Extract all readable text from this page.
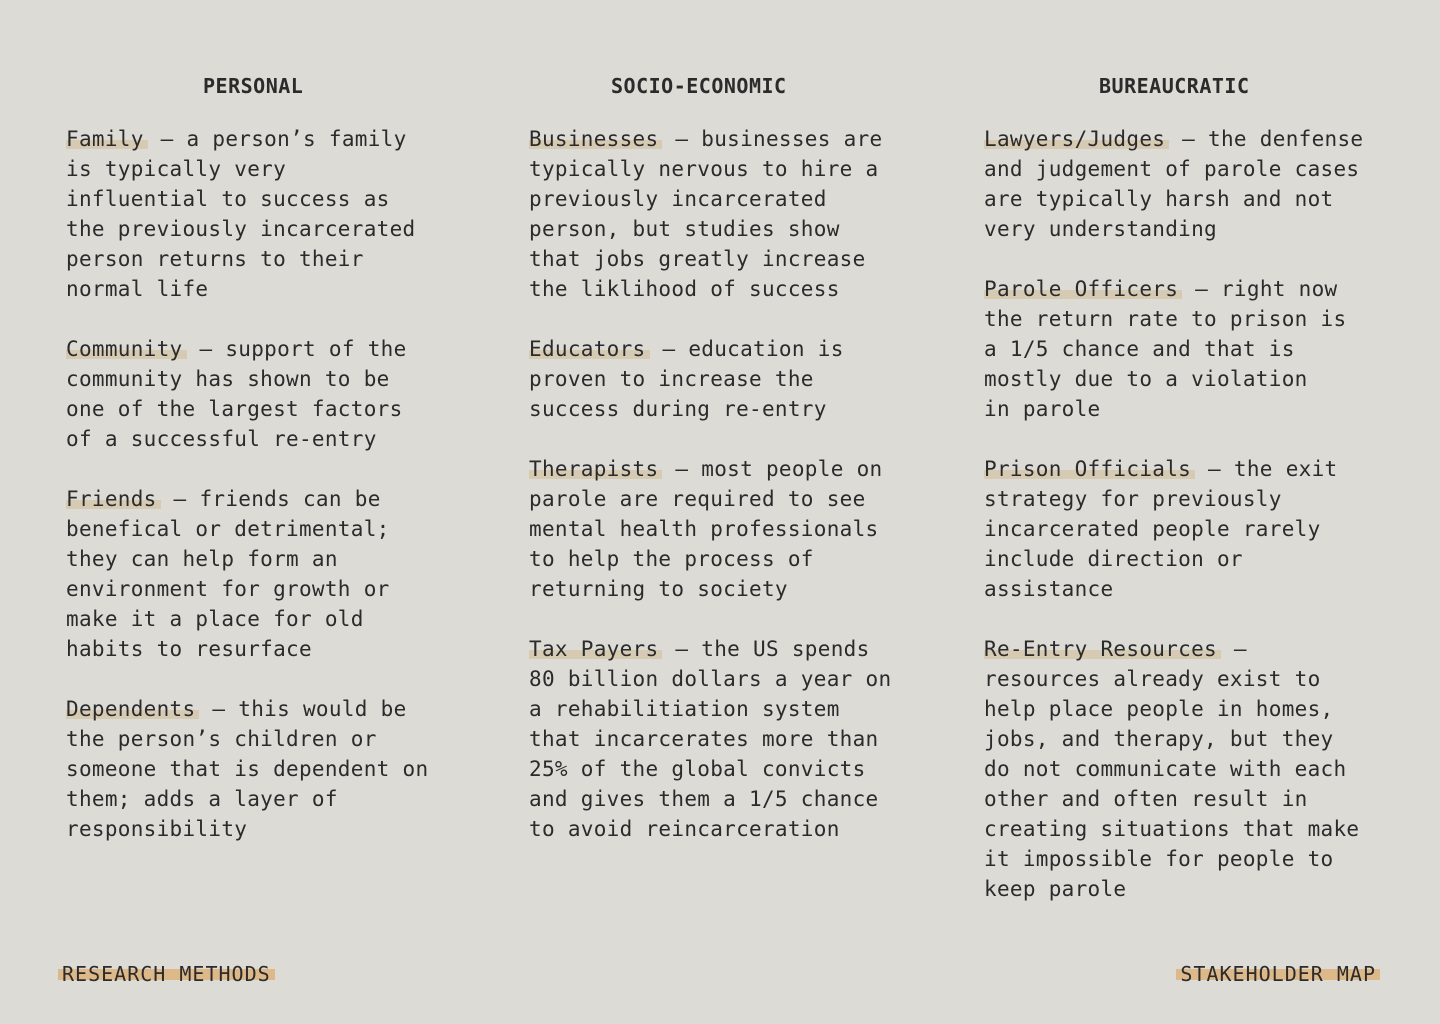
PERSONAL

Family – a person’s family
is typically very
influential to success as
the previously incarcerated
person returns to their
normal life

Community – support of the
community has shown to be
one of the largest factors
of a successful re-entry

Friends – friends can be
benefical or detrimental;
they can help form an
environment for growth or
make it a place for old
habits to resurface

Dependents – this would be
the person’s children or
someone that is dependent on
them; adds a layer of
responsibility

SOCIO-ECONOMIC

Businesses – businesses are
typically nervous to hire a
previously incarcerated
person, but studies show
that jobs greatly increase
the liklihood of success

Educators – education is
proven to increase the
success during re-entry

Therapists – most people on
parole are required to see
mental health professionals
to help the process of
returning to society

Tax Payers – the US spends
80 billion dollars a year on
a rehabilitiation system
that incarcerates more than
25% of the global convicts
and gives them a 1/5 chance
to avoid reincarceration

BUREAUCRATIC

Lawyers/Judges – the denfense
and judgement of parole cases
are typically harsh and not
very understanding

Parole Officers – right now
the return rate to prison is
a 1/5 chance and that is
mostly due to a violation
in parole

Prison Officials – the exit
strategy for previously
incarcerated people rarely
include direction or
assistance

Re-Entry Resources –
resources already exist to
help place people in homes,
jobs, and therapy, but they
do not communicate with each
other and often result in
creating situations that make
it impossible for people to
keep parole

RESEARCH METHODS	STAKEHOLDER MAP
